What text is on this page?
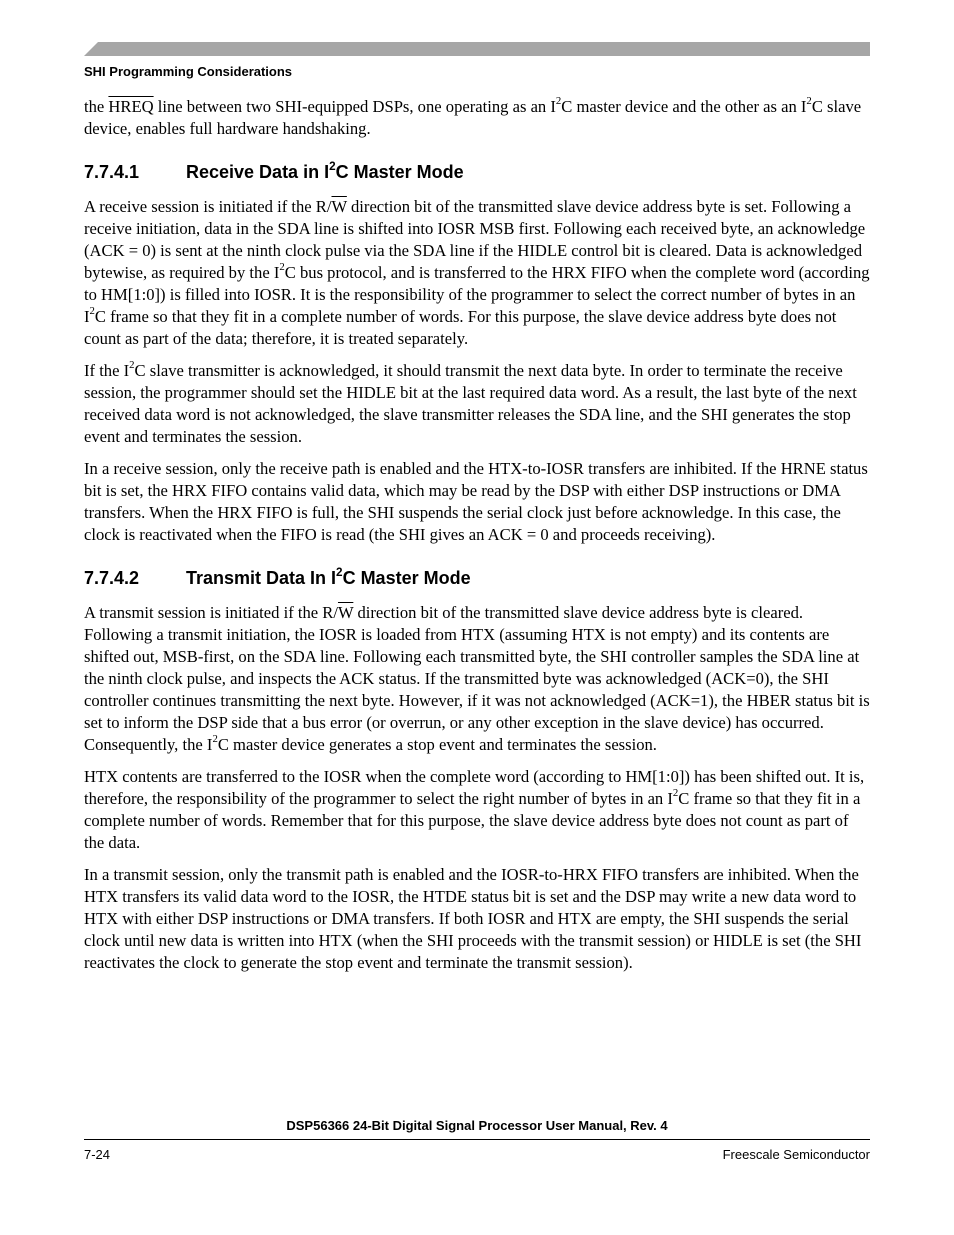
SHI Programming Considerations

the HREQ line between two SHI-equipped DSPs, one operating as an $I^2C$ master device and the other as an $I^2C$ slave device, enables full hardware handshaking.

7.7.4.1	Receive Data in $I^2C$ Master Mode

A receive session is initiated if the $R/\overline{W}$ direction bit of the transmitted slave device address byte is set. Following a receive initiation, data in the SDA line is shifted into IOSR MSB first. Following each received byte, an acknowledge (ACK = 0) is sent at the ninth clock pulse via the SDA line if the HIDLE control bit is cleared. Data is acknowledged bytewise, as required by the $I^2C$ bus protocol, and is transferred to the HRX FIFO when the complete word (according to HM[1:0]) is filled into IOSR. It is the responsibility of the programmer to select the correct number of bytes in an $I^2C$ frame so that they fit in a complete number of words. For this purpose, the slave device address byte does not count as part of the data; therefore, it is treated separately.

If the $I^2C$ slave transmitter is acknowledged, it should transmit the next data byte. In order to terminate the receive session, the programmer should set the HIDLE bit at the last required data word. As a result, the last byte of the next received data word is not acknowledged, the slave transmitter releases the SDA line, and the SHI generates the stop event and terminates the session.

In a receive session, only the receive path is enabled and the HTX-to-IOSR transfers are inhibited. If the HRNE status bit is set, the HRX FIFO contains valid data, which may be read by the DSP with either DSP instructions or DMA transfers. When the HRX FIFO is full, the SHI suspends the serial clock just before acknowledge. In this case, the clock is reactivated when the FIFO is read (the SHI gives an ACK = 0 and proceeds receiving).

7.7.4.2	Transmit Data In $I^2C$ Master Mode

A transmit session is initiated if the $R/\overline{W}$ direction bit of the transmitted slave device address byte is cleared. Following a transmit initiation, the IOSR is loaded from HTX (assuming HTX is not empty) and its contents are shifted out, MSB-first, on the SDA line. Following each transmitted byte, the SHI controller samples the SDA line at the ninth clock pulse, and inspects the ACK status. If the transmitted byte was acknowledged (ACK=0), the SHI controller continues transmitting the next byte. However, if it was not acknowledged (ACK=1), the HBER status bit is set to inform the DSP side that a bus error (or overrun, or any other exception in the slave device) has occurred. Consequently, the $I^2C$ master device generates a stop event and terminates the session.

HTX contents are transferred to the IOSR when the complete word (according to HM[1:0]) has been shifted out. It is, therefore, the responsibility of the programmer to select the right number of bytes in an $I^2C$ frame so that they fit in a complete number of words. Remember that for this purpose, the slave device address byte does not count as part of the data.

In a transmit session, only the transmit path is enabled and the IOSR-to-HRX FIFO transfers are inhibited. When the HTX transfers its valid data word to the IOSR, the HTDE status bit is set and the DSP may write a new data word to HTX with either DSP instructions or DMA transfers. If both IOSR and HTX are empty, the SHI suspends the serial clock until new data is written into HTX (when the SHI proceeds with the transmit session) or HIDLE is set (the SHI reactivates the clock to generate the stop event and terminate the transmit session).

DSP56366 24-Bit Digital Signal Processor User Manual, Rev. 4
7-24	Freescale Semiconductor
